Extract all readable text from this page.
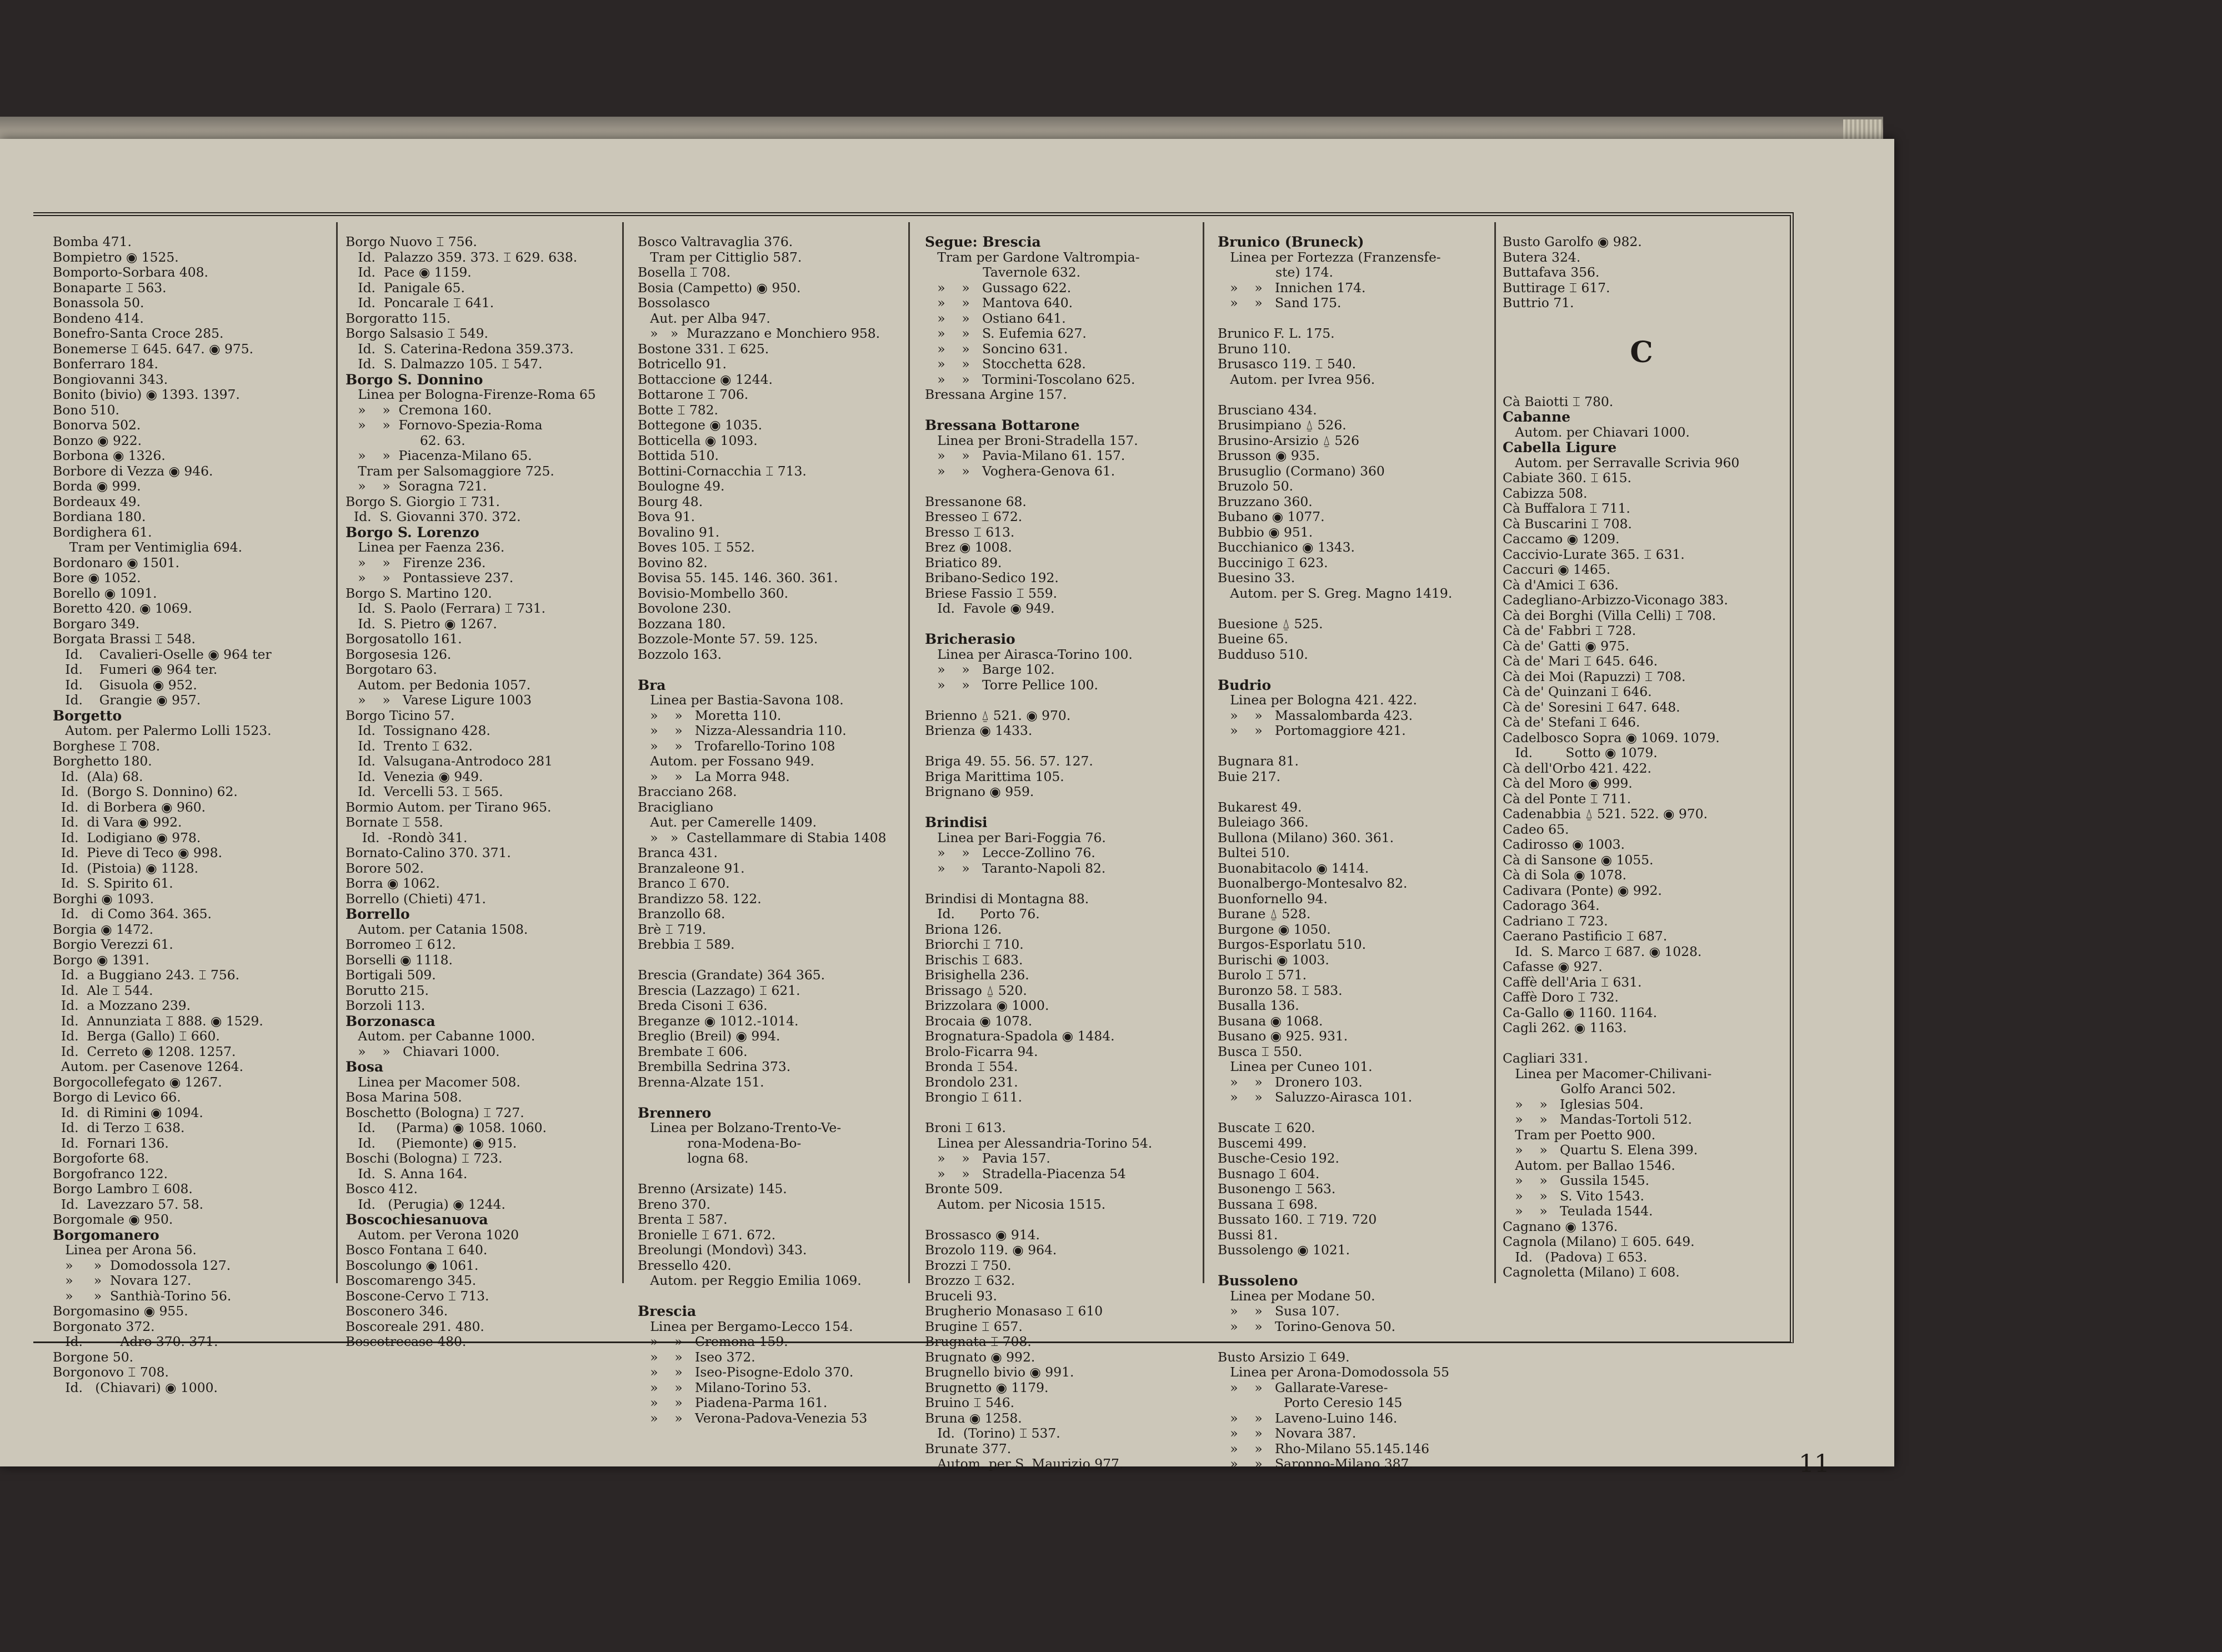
Bomba 471.
Bompietro ◉ 1525.
Bomporto-Sorbara 408.
Bonaparte ⌶ 563.
Bonassola 50.
Bondeno 414.
Bonefro-Santa Croce 285.
Bonemerse ⌶ 645. 647. ◉ 975.
Bonferraro 184.
Bongiovanni 343.
Bonito (bivio) ◉ 1393. 1397.
Bono 510.
Bonorva 502.
Bonzo ◉ 922.
Borbona ◉ 1326.
Borbore di Vezza ◉ 946.
Borda ◉ 999.
Bordeaux 49.
Bordiana 180.
Bordighera 61.
Tram per Ventimiglia 694.
Bordonaro ◉ 1501.
Bore ◉ 1052.
Borello ◉ 1091.
Boretto 420. ◉ 1069.
Borgaro 349.
Borgata Brassi ⌶ 548.
Id.    Cavalieri-Oselle ◉ 964 ter
Id.    Fumeri ◉ 964 ter.
Id.    Gisuola ◉ 952.
Id.    Grangie ◉ 957.
Borgetto
Autom. per Palermo Lolli 1523.
Borghese ⌶ 708.
Borghetto 180.
Id.  (Ala) 68.
Id.  (Borgo S. Donnino) 62.
Id.  di Borbera ◉ 960.
Id.  di Vara ◉ 992.
Id.  Lodigiano ◉ 978.
Id.  Pieve di Teco ◉ 998.
Id.  (Pistoia) ◉ 1128.
Id.  S. Spirito 61.
Borghi ◉ 1093.
Id.   di Como 364. 365.
Borgia ◉ 1472.
Borgio Verezzi 61.
Borgo ◉ 1391.
Id.  a Buggiano 243. ⌶ 756.
Id.  Ale ⌶ 544.
Id.  a Mozzano 239.
Id.  Annunziata ⌶ 888. ◉ 1529.
Id.  Berga (Gallo) ⌶ 660.
Id.  Cerreto ◉ 1208. 1257.
Autom. per Casenove 1264.
Borgocollefegato ◉ 1267.
Borgo di Levico 66.
Id.  di Rimini ◉ 1094.
Id.  di Terzo ⌶ 638.
Id.  Fornari 136.
Borgoforte 68.
Borgofranco 122.
Borgo Lambro ⌶ 608.
Id.  Lavezzaro 57. 58.
Borgomale ◉ 950.
Borgomanero
Linea per Arona 56.
»     »  Domodossola 127.
»     »  Novara 127.
»     »  Santhià-Torino 56.
Borgomasino ◉ 955.
Borgonato 372.
Id.        -Adro 370. 371.
Borgone 50.
Borgonovo ⌶ 708.
Id.   (Chiavari) ◉ 1000.
Borgo Nuovo ⌶ 756.
Id.  Palazzo 359. 373. ⌶ 629. 638.
Id.  Pace ◉ 1159.
Id.  Panigale 65.
Id.  Poncarale ⌶ 641.
Borgoratto 115.
Borgo Salsasio ⌶ 549.
Id.  S. Caterina-Redona 359.373.
Id.  S. Dalmazzo 105. ⌶ 547.
Borgo S. Donnino
Linea per Bologna-Firenze-Roma 65
»    »  Cremona 160.
»    »  Fornovo-Spezia-Roma
62. 63.
»    »  Piacenza-Milano 65.
Tram per Salsomaggiore 725.
»    »  Soragna 721.
Borgo S. Giorgio ⌶ 731.
Id.  S. Giovanni 370. 372.
Borgo S. Lorenzo
Linea per Faenza 236.
»    »   Firenze 236.
»    »   Pontassieve 237.
Borgo S. Martino 120.
Id.  S. Paolo (Ferrara) ⌶ 731.
Id.  S. Pietro ◉ 1267.
Borgosatollo 161.
Borgosesia 126.
Borgotaro 63.
Autom. per Bedonia 1057.
»    »   Varese Ligure 1003
Borgo Ticino 57.
Id.  Tossignano 428.
Id.  Trento ⌶ 632.
Id.  Valsugana-Antrodoco 281
Id.  Venezia ◉ 949.
Id.  Vercelli 53. ⌶ 565.
Bormio Autom. per Tirano 965.
Bornate ⌶ 558.
Id.  -Rondò 341.
Bornato-Calino 370. 371.
Borore 502.
Borra ◉ 1062.
Borrello (Chieti) 471.
Borrello
Autom. per Catania 1508.
Borromeo ⌶ 612.
Borselli ◉ 1118.
Bortigali 509.
Borutto 215.
Borzoli 113.
Borzonasca
Autom. per Cabanne 1000.
»    »   Chiavari 1000.
Bosa
Linea per Macomer 508.
Bosa Marina 508.
Boschetto (Bologna) ⌶ 727.
Id.     (Parma) ◉ 1058. 1060.
Id.     (Piemonte) ◉ 915.
Boschi (Bologna) ⌶ 723.
Id.  S. Anna 164.
Bosco 412.
Id.   (Perugia) ◉ 1244.
Boscochiesanuova
Autom. per Verona 1020
Bosco Fontana ⌶ 640.
Boscolungo ◉ 1061.
Boscomarengo 345.
Boscone-Cervo ⌶ 713.
Bosconero 346.
Boscoreale 291. 480.
Boscotrecase 480.
Bosco Valtravaglia 376.
Tram per Cittiglio 587.
Bosella ⌶ 708.
Bosia (Campetto) ◉ 950.
Bossolasco
Aut. per Alba 947.
»   »  Murazzano e Monchiero 958.
Bostone 331. ⌶ 625.
Botricello 91.
Bottaccione ◉ 1244.
Bottarone ⌶ 706.
Botte ⌶ 782.
Bottegone ◉ 1035.
Botticella ◉ 1093.
Bottida 510.
Bottini-Cornacchia ⌶ 713.
Boulogne 49.
Bourg 48.
Bova 91.
Bovalino 91.
Boves 105. ⌶ 552.
Bovino 82.
Bovisa 55. 145. 146. 360. 361.
Bovisio-Mombello 360.
Bovolone 230.
Bozzana 180.
Bozzole-Monte 57. 59. 125.
Bozzolo 163.

Bra
Linea per Bastia-Savona 108.
»    »   Moretta 110.
»    »   Nizza-Alessandria 110.
»    »   Trofarello-Torino 108
Autom. per Fossano 949.
»    »   La Morra 948.
Bracciano 268.
Bracigliano
Aut. per Camerelle 1409.
»   »  Castellammare di Stabia 1408
Branca 431.
Branzaleone 91.
Branco ⌶ 670.
Brandizzo 58. 122.
Branzollo 68.
Brè ⌶ 719.
Brebbia ⌶ 589.

Brescia (Grandate) 364 365.
Brescia (Lazzago) ⌶ 621.
Breda Cisoni ⌶ 636.
Breganze ◉ 1012.-1014.
Breglio (Breil) ◉ 994.
Brembate ⌶ 606.
Brembilla Sedrina 373.
Brenna-Alzate 151.

Brennero
Linea per Bolzano-Trento-Ve-
rona-Modena-Bo-
logna 68.

Brenno (Arsizate) 145.
Breno 370.
Brenta ⌶ 587.
Bronielle ⌶ 671. 672.
Breolungi (Mondovì) 343.
Bressello 420.
Autom. per Reggio Emilia 1069.

Brescia
Linea per Bergamo-Lecco 154.
»    »   Cremona 159.
»    »   Iseo 372.
»    »   Iseo-Pisogne-Edolo 370.
»    »   Milano-Torino 53.
»    »   Piadena-Parma 161.
»    »   Verona-Padova-Venezia 53
Segue: Brescia
Tram per Gardone Valtrompia-
Tavernole 632.
»    »   Gussago 622.
»    »   Mantova 640.
»    »   Ostiano 641.
»    »   S. Eufemia 627.
»    »   Soncino 631.
»    »   Stocchetta 628.
»    »   Tormini-Toscolano 625.
Bressana Argine 157.

Bressana Bottarone
Linea per Broni-Stradella 157.
»    »   Pavia-Milano 61. 157.
»    »   Voghera-Genova 61.

Bressanone 68.
Bresseo ⌶ 672.
Bresso ⌶ 613.
Brez ◉ 1008.
Briatico 89.
Bribano-Sedico 192.
Briese Fassio ⌶ 559.
Id.  Favole ◉ 949.

Bricherasio
Linea per Airasca-Torino 100.
»    »   Barge 102.
»    »   Torre Pellice 100.

Brienno ⍙ 521. ◉ 970.
Brienza ◉ 1433.

Briga 49. 55. 56. 57. 127.
Briga Marittima 105.
Brignano ◉ 959.

Brindisi
Linea per Bari-Foggia 76.
»    »   Lecce-Zollino 76.
»    »   Taranto-Napoli 82.

Brindisi di Montagna 88.
Id.      Porto 76.
Briona 126.
Briorchi ⌶ 710.
Brischis ⌶ 683.
Brisighella 236.
Brissago ⍙ 520.
Brizzolara ◉ 1000.
Brocaia ◉ 1078.
Brognatura-Spadola ◉ 1484.
Brolo-Ficarra 94.
Bronda ⌶ 554.
Brondolo 231.
Brongio ⌶ 611.

Broni ⌶ 613.
Linea per Alessandria-Torino 54.
»    »   Pavia 157.
»    »   Stradella-Piacenza 54
Bronte 509.
Autom. per Nicosia 1515.

Brossasco ◉ 914.
Brozolo 119. ◉ 964.
Brozzi ⌶ 750.
Brozzo ⌶ 632.
Bruceli 93.
Brugherio Monasaso ⌶ 610
Brugine ⌶ 657.
Brugnata ⌶ 708.
Brugnato ◉ 992.
Brugnello bivio ◉ 991.
Brugnetto ◉ 1179.
Bruino ⌶ 546.
Bruna ◉ 1258.
Id.  (Torino) ⌶ 537.
Brunate 377.
Autom. per S. Maurizio 977.
Brunico (Bruneck)
Linea per Fortezza (Franzensfe-
ste) 174.
»    »   Innichen 174.
»    »   Sand 175.

Brunico F. L. 175.
Bruno 110.
Brusasco 119. ⌶ 540.
Autom. per Ivrea 956.

Brusciano 434.
Brusimpiano ⍙ 526.
Brusino-Arsizio ⍙ 526
Brusson ◉ 935.
Brusuglio (Cormano) 360
Bruzolo 50.
Bruzzano 360.
Bubano ◉ 1077.
Bubbio ◉ 951.
Bucchianico ◉ 1343.
Buccinigo ⌶ 623.
Buesino 33.
Autom. per S. Greg. Magno 1419.

Buesione ⍙ 525.
Bueine 65.
Budduso 510.

Budrio
Linea per Bologna 421. 422.
»    »   Massalombarda 423.
»    »   Portomaggiore 421.

Bugnara 81.
Buie 217.

Bukarest 49.
Buleiago 366.
Bullona (Milano) 360. 361.
Bultei 510.
Buonabitacolo ◉ 1414.
Buonalbergo-Montesalvo 82.
Buonfornello 94.
Burane ⍙ 528.
Burgone ◉ 1050.
Burgos-Esporlatu 510.
Burischi ◉ 1003.
Burolo ⌶ 571.
Buronzo 58. ⌶ 583.
Busalla 136.
Busana ◉ 1068.
Busano ◉ 925. 931.
Busca ⌶ 550.
Linea per Cuneo 101.
»    »   Dronero 103.
»    »   Saluzzo-Airasca 101.

Buscate ⌶ 620.
Buscemi 499.
Busche-Cesio 192.
Busnago ⌶ 604.
Busonengo ⌶ 563.
Bussana ⌶ 698.
Bussato 160. ⌶ 719. 720
Bussi 81.
Bussolengo ◉ 1021.

Bussoleno
Linea per Modane 50.
»    »   Susa 107.
»    »   Torino-Genova 50.

Busto Arsizio ⌶ 649.
Linea per Arona-Domodossola 55
»    »   Gallarate-Varese-
Porto Ceresio 145
»    »   Laveno-Luino 146.
»    »   Novara 387.
»    »   Rho-Milano 55.145.146
»    »   Saronno-Milano 387.
Busto Garolfo ◉ 982.
Butera 324.
Buttafava 356.
Buttirage ⌶ 617.
Buttrio 71.
C
Cà Baiotti ⌶ 780.
Cabanne
Autom. per Chiavari 1000.
Cabella Ligure
Autom. per Serravalle Scrivia 960
Cabiate 360. ⌶ 615.
Cabizza 508.
Cà Buffalora ⌶ 711.
Cà Buscarini ⌶ 708.
Caccamo ◉ 1209.
Caccivio-Lurate 365. ⌶ 631.
Caccuri ◉ 1465.
Cà d'Amici ⌶ 636.
Cadegliano-Arbizzo-Viconago 383.
Cà dei Borghi (Villa Celli) ⌶ 708.
Cà de' Fabbri ⌶ 728.
Cà de' Gatti ◉ 975.
Cà de' Mari ⌶ 645. 646.
Cà dei Moi (Rapuzzi) ⌶ 708.
Cà de' Quinzani ⌶ 646.
Cà de' Soresini ⌶ 647. 648.
Cà de' Stefani ⌶ 646.
Cadelbosco Sopra ◉ 1069. 1079.
Id.        Sotto ◉ 1079.
Cà dell'Orbo 421. 422.
Cà del Moro ◉ 999.
Cà del Ponte ⌶ 711.
Cadenabbia ⍙ 521. 522. ◉ 970.
Cadeo 65.
Cadirosso ◉ 1003.
Cà di Sansone ◉ 1055.
Cà di Sola ◉ 1078.
Cadivara (Ponte) ◉ 992.
Cadorago 364.
Cadriano ⌶ 723.
Caerano Pastificio ⌶ 687.
Id.  S. Marco ⌶ 687. ◉ 1028.
Cafasse ◉ 927.
Caffè dell'Aria ⌶ 631.
Caffè Doro ⌶ 732.
Ca-Gallo ◉ 1160. 1164.
Cagli 262. ◉ 1163.

Cagliari 331.
Linea per Macomer-Chilivani-
Golfo Aranci 502.
»    »   Iglesias 504.
»    »   Mandas-Tortoli 512.
Tram per Poetto 900.
»    »   Quartu S. Elena 399.
Autom. per Ballao 1546.
»    »   Gussila 1545.
»    »   S. Vito 1543.
»    »   Teulada 1544.
Cagnano ◉ 1376.
Cagnola (Milano) ⌶ 605. 649.
Id.   (Padova) ⌶ 653.
Cagnoletta (Milano) ⌶ 608.
11
